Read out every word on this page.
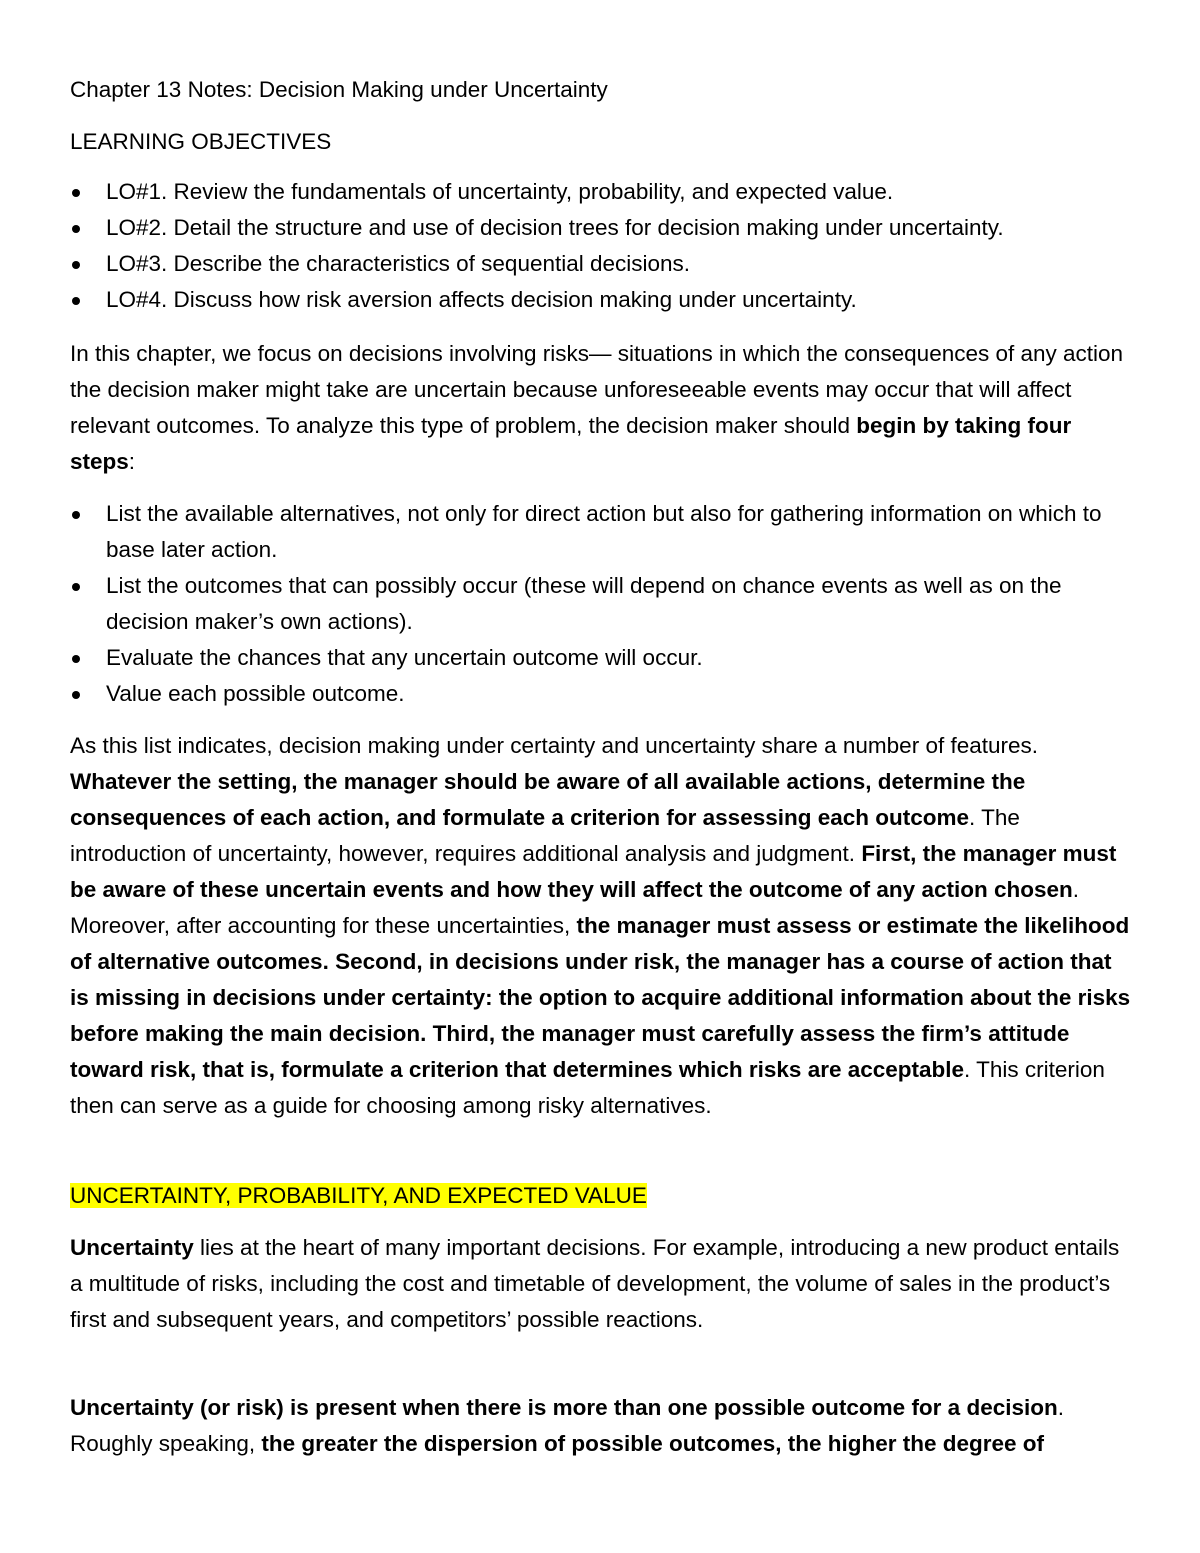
Chapter 13 Notes: Decision Making under Uncertainty

LEARNING OBJECTIVES

LO#1. Review the fundamentals of uncertainty, probability, and expected value.
LO#2. Detail the structure and use of decision trees for decision making under uncertainty.
LO#3. Describe the characteristics of sequential decisions.
LO#4. Discuss how risk aversion affects decision making under uncertainty.

In this chapter, we focus on decisions involving risks— situations in which the consequences of any action the decision maker might take are uncertain because unforeseeable events may occur that will affect relevant outcomes. To analyze this type of problem, the decision maker should begin by taking four steps:

List the available alternatives, not only for direct action but also for gathering information on which to base later action.
List the outcomes that can possibly occur (these will depend on chance events as well as on the decision maker’s own actions).
Evaluate the chances that any uncertain outcome will occur.
Value each possible outcome.

As this list indicates, decision making under certainty and uncertainty share a number of features. Whatever the setting, the manager should be aware of all available actions, determine the consequences of each action, and formulate a criterion for assessing each outcome. The introduction of uncertainty, however, requires additional analysis and judgment. First, the manager must be aware of these uncertain events and how they will affect the outcome of any action chosen. Moreover, after accounting for these uncertainties, the manager must assess or estimate the likelihood of alternative outcomes. Second, in decisions under risk, the manager has a course of action that is missing in decisions under certainty: the option to acquire additional information about the risks before making the main decision. Third, the manager must carefully assess the firm’s attitude toward risk, that is, formulate a criterion that determines which risks are acceptable. This criterion then can serve as a guide for choosing among risky alternatives.

UNCERTAINTY, PROBABILITY, AND EXPECTED VALUE

Uncertainty lies at the heart of many important decisions. For example, introducing a new product entails a multitude of risks, including the cost and timetable of development, the volume of sales in the product’s first and subsequent years, and competitors’ possible reactions.

Uncertainty (or risk) is present when there is more than one possible outcome for a decision. Roughly speaking, the greater the dispersion of possible outcomes, the higher the degree of
